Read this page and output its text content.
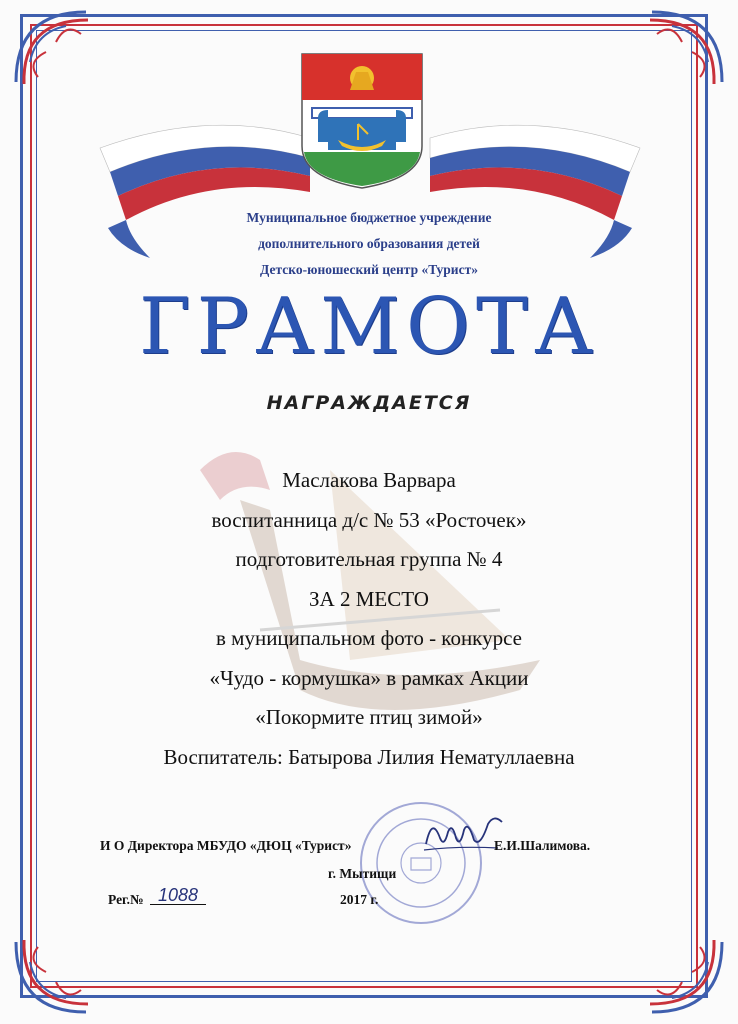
Муниципальное бюджетное учреждение
дополнительного образования детей
Детско-юношеский центр «Турист»
ГРАМОТА
НАГРАЖДАЕТСЯ
Маслакова Варвара
воспитанница д/с № 53 «Росточек»
подготовительная группа № 4
ЗА 2 МЕСТО
в муниципальном фото - конкурсе
«Чудо - кормушка» в рамках Акции
«Покормите птиц зимой»
Воспитатель: Батырова Лилия Нематуллаевна
И О Директора МБУДО «ДЮЦ «Турист»	Е.И.Шалимова.
г. Мытищи
Рег.№ 1088	2017 г.
